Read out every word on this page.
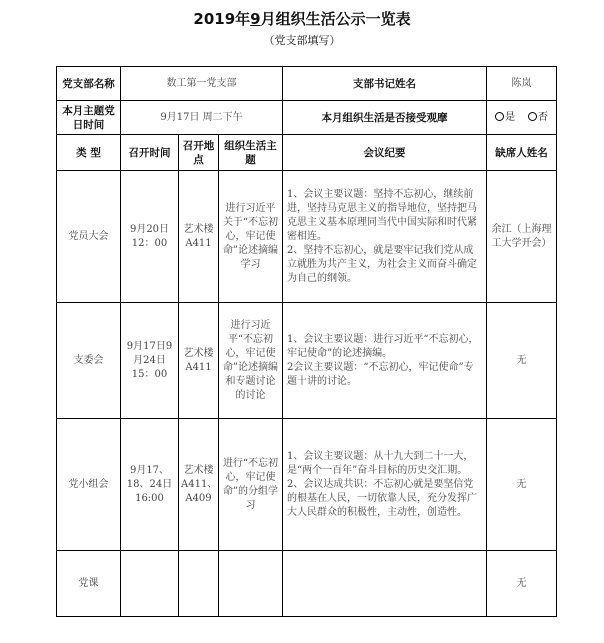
2019年9月组织生活公示一览表
（党支部填写）
党支部名称	数工第一党支部			支部书记姓名	陈岚
本月主题党日时间	9月17日 周二下午			本月组织生活是否接受观摩	是 否
类 型	召开时间	召开地点	组织生活主题	会议纪要	缺席人姓名
党员大会	9月20日12：00	艺术楼A411	进行习近平关于“不忘初心，牢记使命”论述摘编学习	1、会议主要议题：坚持不忘初心，继续前进，坚持马克思主义的指导地位，坚持把马克思主义基本原理同当代中国实际和时代紧密相连。

2、坚持不忘初心，就是要牢记我们党从成立就胜为共产主义，为社会主义而奋斗确定为自己的纲领。	余江（上海理工大学开会）
支委会	9月17日9月24日15：00	艺术楼A411	进行习近平“不忘初心，牢记使命”论述摘编和专题讨论的讨论	1、会议主要议题：进行习近平“不忘初心，牢记使命”的论述摘编。

2会议主要议题：“不忘初心，牢记使命”专题十讲的讨论。	无
党小组会	9月17、18、24日16:00	艺术楼A411、A409	进行“不忘初心，牢记使命”的分组学习	1、会议主要议题：从十九大到二十一大，是“两个一百年”奋斗目标的历史交汇期。

2、会议达成共识：不忘初心就是要坚信党的根基在人民，一切依靠人民，充分发挥广大人民群众的积极性，主动性，创造性。	无
党课					无
